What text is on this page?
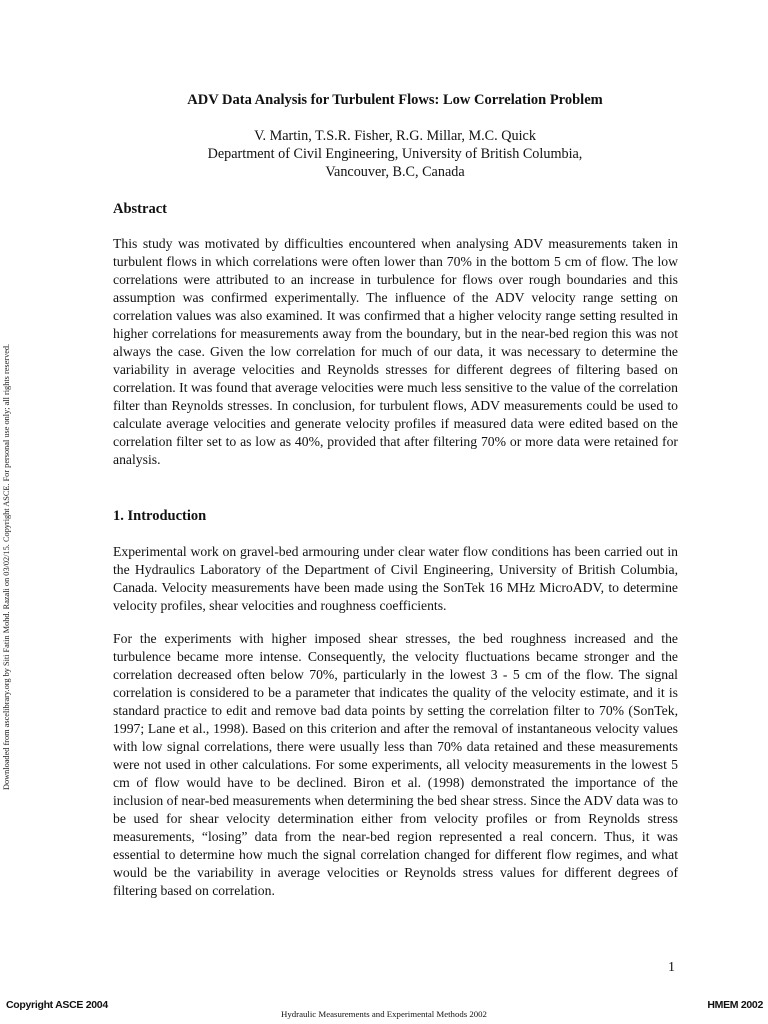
Downloaded from ascelibrary.org by Siti Fatin Mohd. Razali on 03/02/15. Copyright ASCE. For personal use only; all rights reserved.
ADV Data Analysis for Turbulent Flows: Low Correlation Problem
V. Martin, T.S.R. Fisher, R.G. Millar, M.C. Quick
Department of Civil Engineering, University of British Columbia,
Vancouver, B.C, Canada
Abstract

This study was motivated by difficulties encountered when analysing ADV measurements taken in turbulent flows in which correlations were often lower than 70% in the bottom 5 cm of flow. The low correlations were attributed to an increase in turbulence for flows over rough boundaries and this assumption was confirmed experimentally. The influence of the ADV velocity range setting on correlation values was also examined. It was confirmed that a higher velocity range setting resulted in higher correlations for measurements away from the boundary, but in the near-bed region this was not always the case. Given the low correlation for much of our data, it was necessary to determine the variability in average velocities and Reynolds stresses for different degrees of filtering based on correlation. It was found that average velocities were much less sensitive to the value of the correlation filter than Reynolds stresses. In conclusion, for turbulent flows, ADV measurements could be used to calculate average velocities and generate velocity profiles if measured data were edited based on the correlation filter set to as low as 40%, provided that after filtering 70% or more data were retained for analysis.

1. Introduction

Experimental work on gravel-bed armouring under clear water flow conditions has been carried out in the Hydraulics Laboratory of the Department of Civil Engineering, University of British Columbia, Canada. Velocity measurements have been made using the SonTek 16 MHz MicroADV, to determine velocity profiles, shear velocities and roughness coefficients.

For the experiments with higher imposed shear stresses, the bed roughness increased and the turbulence became more intense. Consequently, the velocity fluctuations became stronger and the correlation decreased often below 70%, particularly in the lowest 3 - 5 cm of the flow. The signal correlation is considered to be a parameter that indicates the quality of the velocity estimate, and it is standard practice to edit and remove bad data points by setting the correlation filter to 70% (SonTek, 1997; Lane et al., 1998). Based on this criterion and after the removal of instantaneous velocity values with low signal correlations, there were usually less than 70% data retained and these measurements were not used in other calculations. For some experiments, all velocity measurements in the lowest 5 cm of flow would have to be declined. Biron et al. (1998) demonstrated the importance of the inclusion of near-bed measurements when determining the bed shear stress. Since the ADV data was to be used for shear velocity determination either from velocity profiles or from Reynolds stress measurements, “losing” data from the near-bed region represented a real concern. Thus, it was essential to determine how much the signal correlation changed for different flow regimes, and what would be the variability in average velocities or Reynolds stress values for different degrees of filtering based on correlation.

1
Copyright ASCE 2004
Hydraulic Measurements and Experimental Methods 2002
HMEM 2002
